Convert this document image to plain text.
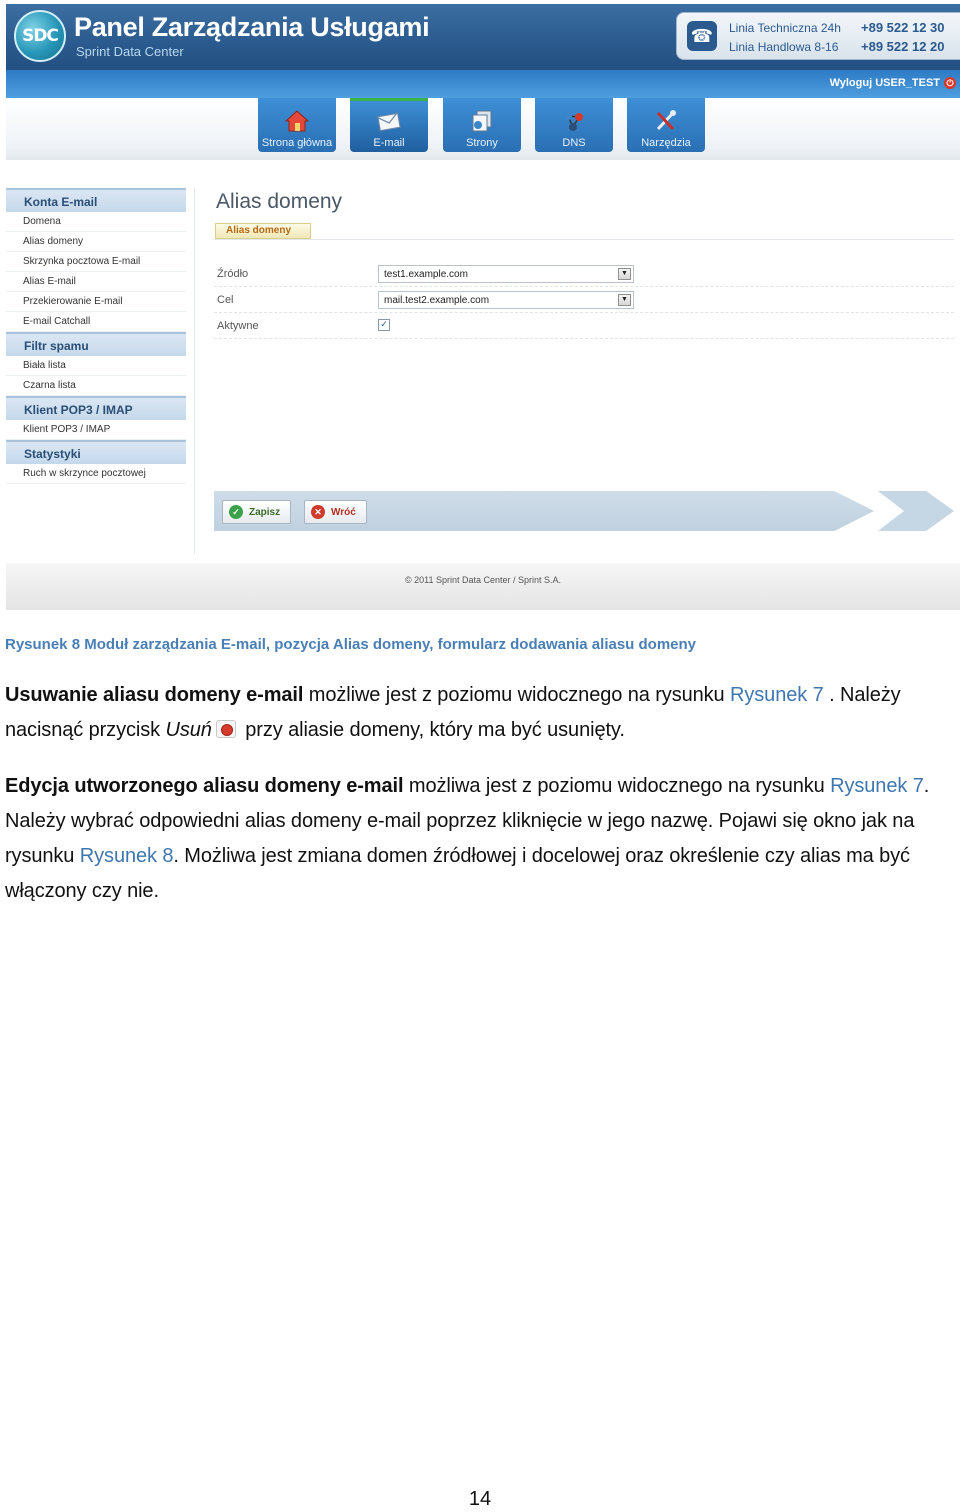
SDC Panel Zarządzania Usługami
Sprint Data Center
☎	Linia Techniczna 24h +89 522 12 30
Linia Handlowa 8-16 +89 522 12 20
Wyloguj USER_TEST ⏻
Strona główna	E-mail	Strony	DNS	Narzędzia
Konta E-mail
Domena
Alias domeny
Skrzynka pocztowa E-mail
Alias E-mail
Przekierowanie E-mail
E-mail Catchall
Filtr spamu
Biała lista
Czarna lista
Klient POP3 / IMAP
Klient POP3 / IMAP
Statystyki
Ruch w skrzynce pocztowej
Alias domeny
Alias domeny
Źródło	test1.example.com	▼
Cel	mail.test2.example.com	▼
Aktywne	✓
✓ Zapisz	✕ Wróć
© 2011 Sprint Data Center / Sprint S.A.
Rysunek 8 Moduł zarządzania E-mail, pozycja Alias domeny, formularz dodawania aliasu domeny
Usuwanie aliasu domeny e-mail możliwe jest z poziomu widocznego na rysunku Rysunek 7 . Należy nacisnąć przycisk Usuń przy aliasie domeny, który ma być usunięty.
Edycja utworzonego aliasu domeny e-mail możliwa jest z poziomu widocznego na rysunku Rysunek 7. Należy wybrać odpowiedni alias domeny e-mail poprzez kliknięcie w jego nazwę. Pojawi się okno jak na rysunku Rysunek 8. Możliwa jest zmiana domen źródłowej i docelowej oraz określenie czy alias ma być włączony czy nie.
14
